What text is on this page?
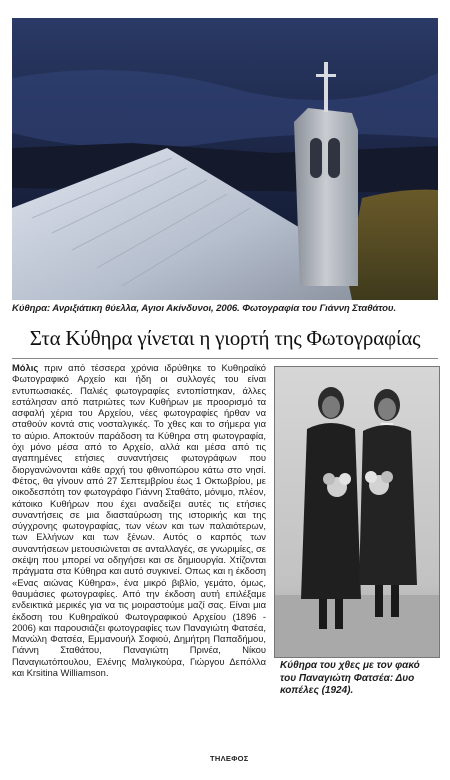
Κύθηρα: Ανριξιάτικη θύελλα, Αγιοι Ακίνδυνοι, 2006. Φωτογραφία του Γιάννη Σταθάτου.
Στα Κύθηρα γίνεται η γιορτή της Φωτογραφίας

Μόλις πριν από τέσσερα χρόνια ιδρύθηκε το Κυθηραϊκό Φωτογραφικό Αρχείο και ήδη οι συλλογές του είναι εντυπωσιακές. Παλιές φωτογραφίες εντοπίστηκαν, άλλες εστάλησαν από πατριώτες των Κυθήρων με προορισμό τα ασφαλή χέρια του Αρχείου, νέες φωτογραφίες ήρθαν να σταθούν κοντά στις νοσταλγικές. Το χθες και το σήμερα για το αύριο. Αποκτούν παράδοση τα Κύθηρα στη φωτογραφία, όχι μόνο μέσα από το Αρχείο, αλλά και μέσα από τις αγαπημένες ετήσιες συναντήσεις φωτογράφων που διοργανώνονται κάθε αρχή του φθινοπώρου κάτω στο νησί. Φέτος, θα γίνουν από 27 Σεπτεμβρίου έως 1 Οκτωβρίου, με οικοδεσπότη τον φωτογράφο Γιάννη Σταθάτο, μόνιμο, πλέον, κάτοικο Κυθήρων που έχει αναδείξει αυτές τις ετήσιες συναντήσεις σε μια διασταύρωση της ιστορικής και της σύγχρονης φωτογραφίας, των νέων και των παλαιότερων, των Ελλήνων και των ξένων. Αυτός ο καρπός των συναντήσεων μετουσιώνεται σε ανταλλαγές, σε γνωριμίες, σε σκέψη που μπορεί να οδηγήσει και σε δημιουργία. Χτίζονται πράγματα στα Κύθηρα και αυτό συγκινεί. Οπως και η έκδοση «Ενας αιώνας Κύθηρα», ένα μικρό βιβλίο, γεμάτο, όμως, θαυμάσιες φωτογραφίες. Από την έκδοση αυτή επιλέξαμε ενδεικτικά μερικές για να τις μοιραστούμε μαζί σας. Είναι μια έκδοση του Κυθηραϊκού Φωτογραφικού Αρχείου (1896 - 2006) και παρουσιάζει φωτογραφίες των Παναγιώτη Φατσέα, Μανώλη Φατσέα, Εμμανουήλ Σοφιού, Δημήτρη Παπαδήμου, Γιάννη Σταθάτου, Παναγιώτη Πρινέα, Νίκου Παναγιωτόπουλου, Ελένης Μαλιγκούρα, Γιώργου Δεπόλλα και Krsitina Williamson.

ΤΗΛΕΦΟΣ
Κύθηρα του χθες με τον φακό του Παναγιώτη Φατσέα: Δυο κοπέλες (1924).
